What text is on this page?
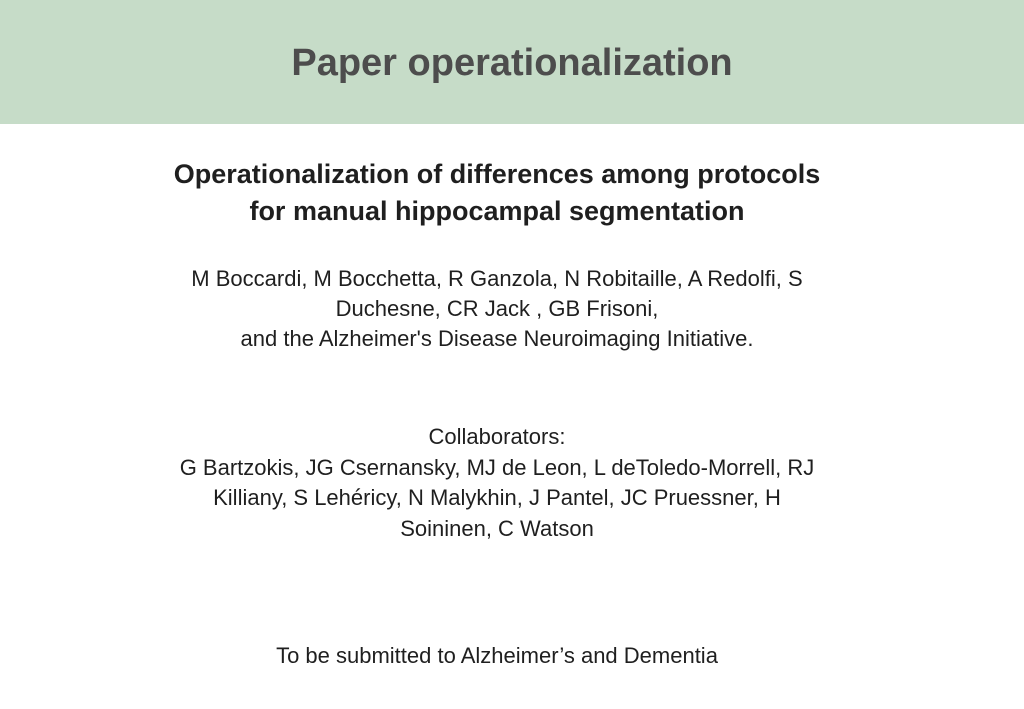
Paper operationalization
Operationalization of differences among protocols
for manual hippocampal segmentation
M Boccardi, M Bocchetta, R Ganzola, N Robitaille, A Redolfi, S
Duchesne, CR Jack , GB Frisoni,
and the Alzheimer's Disease Neuroimaging Initiative.
Collaborators:
G Bartzokis, JG Csernansky, MJ de Leon, L deToledo-Morrell, RJ
Killiany, S Lehéricy, N Malykhin, J Pantel, JC Pruessner, H
Soininen, C Watson
To be submitted to Alzheimer’s and Dementia
